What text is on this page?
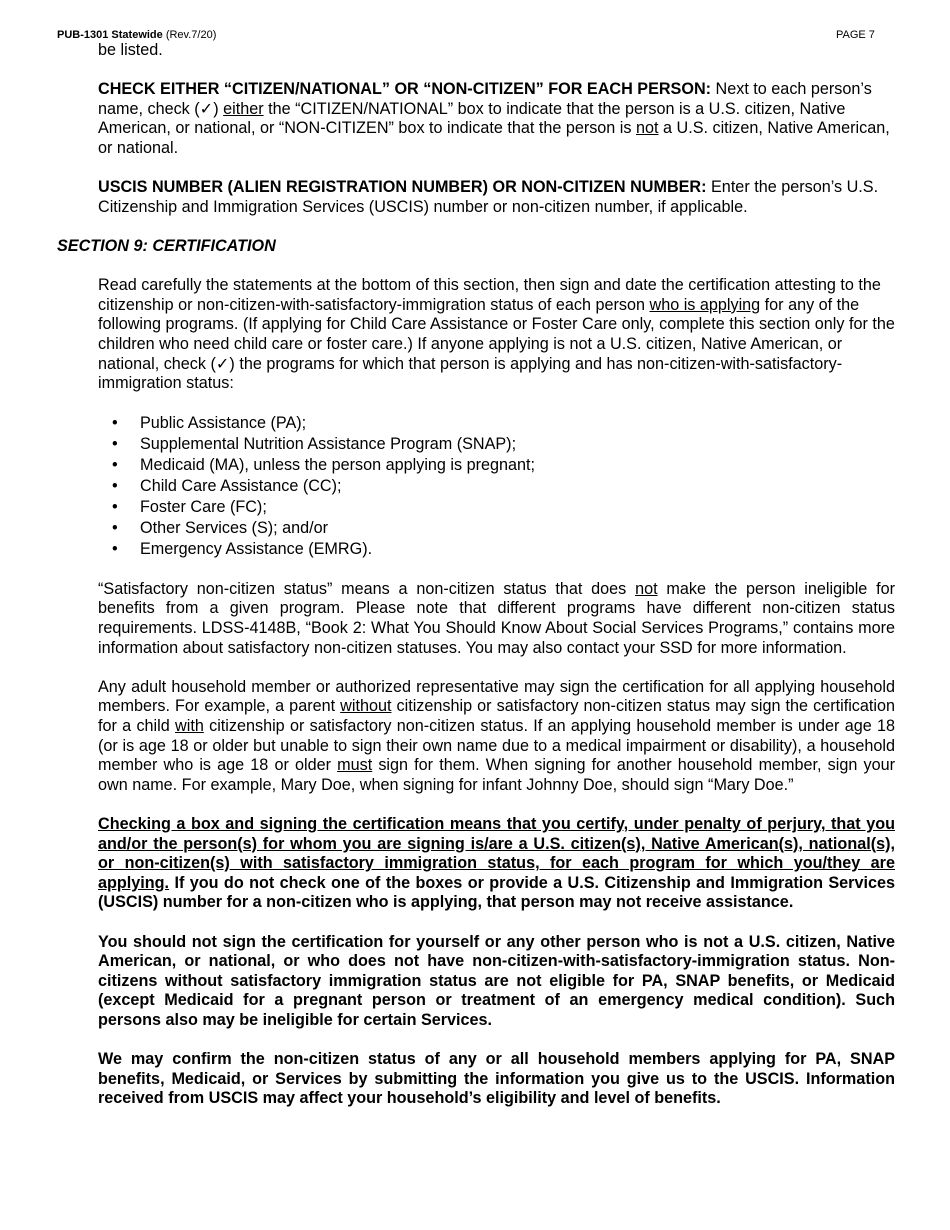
PUB-1301 Statewide (Rev.7/20)	PAGE 7

be listed.

CHECK EITHER “CITIZEN/NATIONAL” OR “NON-CITIZEN” FOR EACH PERSON: Next to each person’s name, check (✓) either the “CITIZEN/NATIONAL” box to indicate that the person is a U.S. citizen, Native American, or national, or “NON-CITIZEN” box to indicate that the person is not a U.S. citizen, Native American, or national.

USCIS NUMBER (ALIEN REGISTRATION NUMBER) OR NON-CITIZEN NUMBER: Enter the person’s U.S. Citizenship and Immigration Services (USCIS) number or non-citizen number, if applicable.

SECTION 9: CERTIFICATION

Read carefully the statements at the bottom of this section, then sign and date the certification attesting to the citizenship or non-citizen-with-satisfactory-immigration status of each person who is applying for any of the following programs. (If applying for Child Care Assistance or Foster Care only, complete this section only for the children who need child care or foster care.) If anyone applying is not a U.S. citizen, Native American, or national, check (✓) the programs for which that person is applying and has non-citizen-with-satisfactory-immigration status:

• Public Assistance (PA);
• Supplemental Nutrition Assistance Program (SNAP);
• Medicaid (MA), unless the person applying is pregnant;
• Child Care Assistance (CC);
• Foster Care (FC);
• Other Services (S); and/or
• Emergency Assistance (EMRG).

“Satisfactory non-citizen status” means a non-citizen status that does not make the person ineligible for benefits from a given program. Please note that different programs have different non-citizen status requirements. LDSS-4148B, “Book 2: What You Should Know About Social Services Programs,” contains more information about satisfactory non-citizen statuses. You may also contact your SSD for more information.

Any adult household member or authorized representative may sign the certification for all applying household members. For example, a parent without citizenship or satisfactory non-citizen status may sign the certification for a child with citizenship or satisfactory non-citizen status. If an applying household member is under age 18 (or is age 18 or older but unable to sign their own name due to a medical impairment or disability), a household member who is age 18 or older must sign for them. When signing for another household member, sign your own name. For example, Mary Doe, when signing for infant Johnny Doe, should sign “Mary Doe.”

Checking a box and signing the certification means that you certify, under penalty of perjury, that you and/or the person(s) for whom you are signing is/are a U.S. citizen(s), Native American(s), national(s), or non-citizen(s) with satisfactory immigration status, for each program for which you/they are applying. If you do not check one of the boxes or provide a U.S. Citizenship and Immigration Services (USCIS) number for a non-citizen who is applying, that person may not receive assistance.

You should not sign the certification for yourself or any other person who is not a U.S. citizen, Native American, or national, or who does not have non-citizen-with-satisfactory-immigration status. Non-citizens without satisfactory immigration status are not eligible for PA, SNAP benefits, or Medicaid (except Medicaid for a pregnant person or treatment of an emergency medical condition). Such persons also may be ineligible for certain Services.

We may confirm the non-citizen status of any or all household members applying for PA, SNAP benefits, Medicaid, or Services by submitting the information you give us to the USCIS. Information received from USCIS may affect your household’s eligibility and level of benefits.
